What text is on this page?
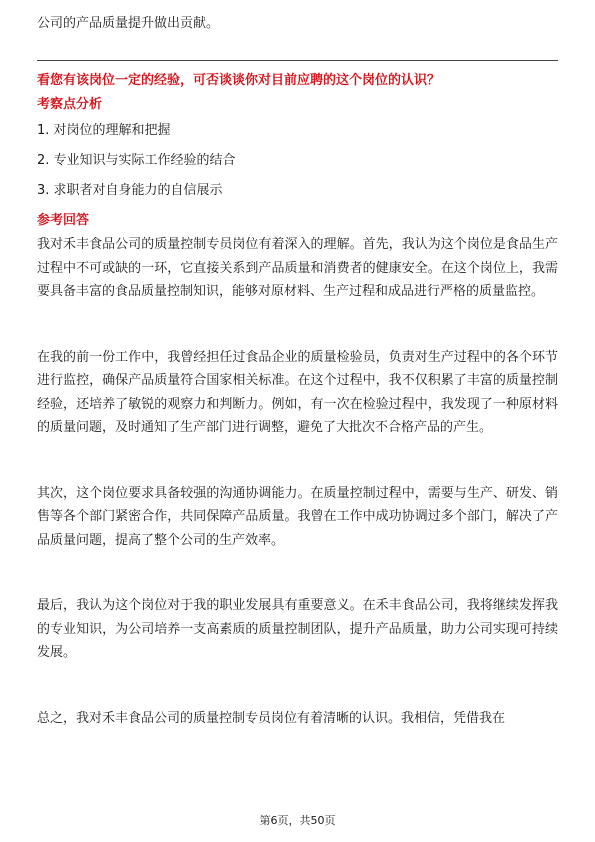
公司的产品质量提升做出贡献。

看您有该岗位一定的经验，可否谈谈你对目前应聘的这个岗位的认识？

考察点分析

1. 对岗位的理解和把握

2. 专业知识与实际工作经验的结合

3. 求职者对自身能力的自信展示

参考回答

我对禾丰食品公司的质量控制专员岗位有着深入的理解。首先，我认为这个岗位是食品生产过程中不可或缺的一环，它直接关系到产品质量和消费者的健康安全。在这个岗位上，我需要具备丰富的食品质量控制知识，能够对原材料、生产过程和成品进行严格的质量监控。

在我的前一份工作中，我曾经担任过食品企业的质量检验员，负责对生产过程中的各个环节进行监控，确保产品质量符合国家相关标准。在这个过程中，我不仅积累了丰富的质量控制经验，还培养了敏锐的观察力和判断力。例如，有一次在检验过程中，我发现了一种原材料的质量问题，及时通知了生产部门进行调整，避免了大批次不合格产品的产生。

其次，这个岗位要求具备较强的沟通协调能力。在质量控制过程中，需要与生产、研发、销售等各个部门紧密合作，共同保障产品质量。我曾在工作中成功协调过多个部门，解决了产品质量问题，提高了整个公司的生产效率。

最后，我认为这个岗位对于我的职业发展具有重要意义。在禾丰食品公司，我将继续发挥我的专业知识，为公司培养一支高素质的质量控制团队，提升产品质量，助力公司实现可持续发展。

总之，我对禾丰食品公司的质量控制专员岗位有着清晰的认识。我相信，凭借我在

第6页，共50页
